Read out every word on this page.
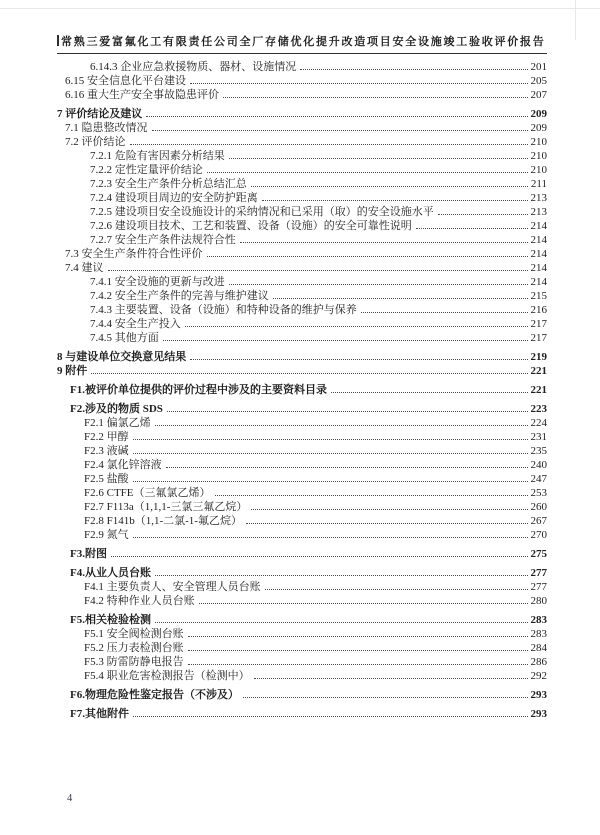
常熟三爱富氟化工有限责任公司全厂存储优化提升改造项目安全设施竣工验收评价报告
6.14.3 企业应急救援物质、器材、设施情况	201
6.15 安全信息化平台建设	205
6.16 重大生产安全事故隐患评价	207
7 评价结论及建议	209
7.1 隐患整改情况	209
7.2 评价结论	210
7.2.1 危险有害因素分析结果	210
7.2.2 定性定量评价结论	210
7.2.3 安全生产条件分析总结汇总	211
7.2.4 建设项目周边的安全防护距离	213
7.2.5 建设项目安全设施设计的采纳情况和已采用（取）的安全设施水平	213
7.2.6 建设项目技术、工艺和装置、设备（设施）的安全可靠性说明	214
7.2.7 安全生产条件法规符合性	214
7.3 安全生产条件符合性评价	214
7.4 建议	214
7.4.1 安全设施的更新与改进	214
7.4.2 安全生产条件的完善与维护建议	215
7.4.3 主要装置、设备（设施）和特种设备的维护与保养	216
7.4.4 安全生产投入	217
7.4.5 其他方面	217
8 与建设单位交换意见结果	219
9 附件	221
F1.被评价单位提供的评价过程中涉及的主要资料目录	221
F2.涉及的物质 SDS	223
F2.1 偏氯乙烯	224
F2.2 甲醇	231
F2.3 液碱	235
F2.4 氯化锌溶液	240
F2.5 盐酸	247
F2.6 CTFE（三氟氯乙烯）	253
F2.7 F113a（1,1,1-三氯三氟乙烷）	260
F2.8 F141b（1,1-二氯-1-氟乙烷）	267
F2.9 氮气	270
F3.附图	275
F4.从业人员台账	277
F4.1 主要负责人、安全管理人员台账	277
F4.2 特种作业人员台账	280
F5.相关检验检测	283
F5.1 安全阀检测台账	283
F5.2 压力表检测台账	284
F5.3 防雷防静电报告	286
F5.4 职业危害检测报告（检测中）	292
F6.物理危险性鉴定报告（不涉及）	293
F7.其他附件	293
4
